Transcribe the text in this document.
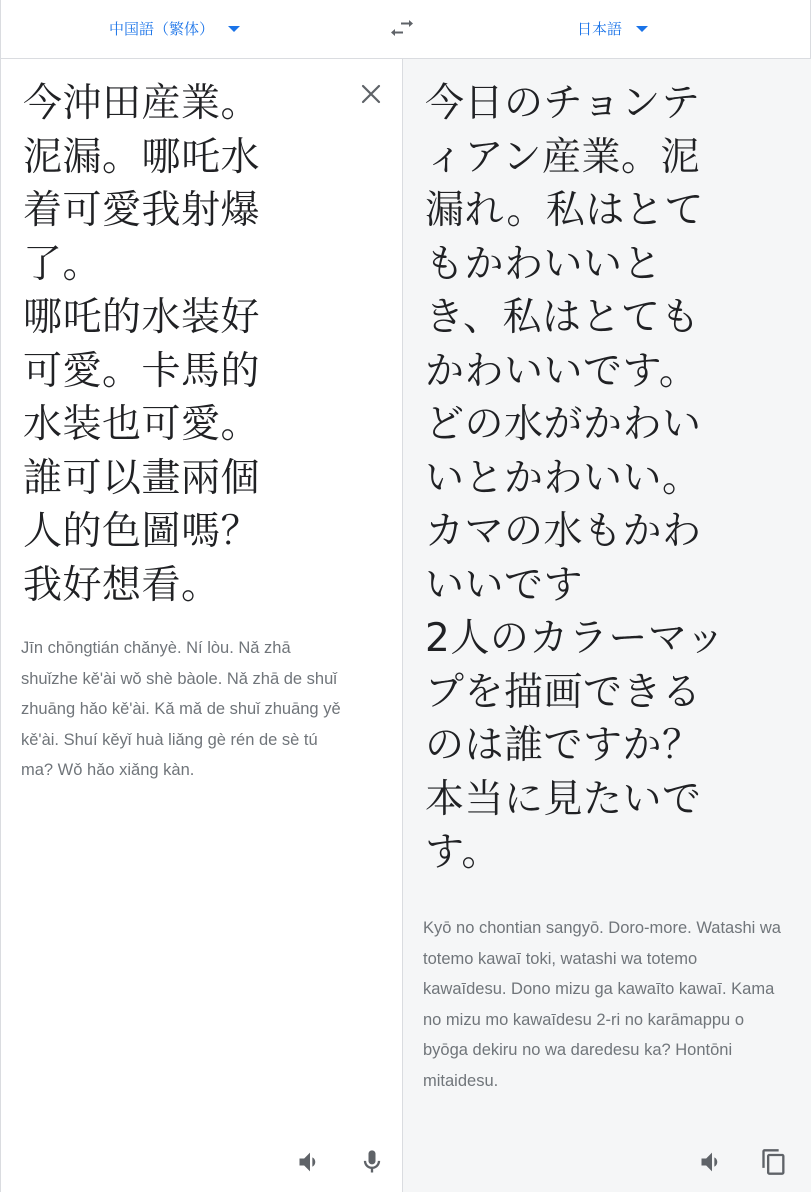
中国語（繁体）	日本語

今沖田産業。
泥漏。哪吒水
着可愛我射爆
了。
哪吒的水装好
可愛。卡馬的
水装也可愛。
誰可以畫兩個
人的色圖嗎？
我好想看。

Jīn chōngtián chǎnyè. Ní lòu. Nǎ zhā shuǐzhe kě'ài wǒ shè bàole. Nǎ zhā de shuǐ zhuāng hǎo kě'ài. Kǎ mǎ de shuǐ zhuāng yě kě'ài. Shuí kěyǐ huà liǎng gè rén de sè tú ma? Wǒ hǎo xiǎng kàn.

今日のチョンテ
ィアン産業。泥
漏れ。私はとて
もかわいいと
き、私はとても
かわいいです。
どの水がかわい
いとかわいい。
カマの水もかわ
いいです
2人のカラーマッ
プを描画できる
のは誰ですか？
本当に見たいで
す。

Kyō no chontian sangyō. Doro-more. Watashi wa totemo kawaī toki, watashi wa totemo kawaīdesu. Dono mizu ga kawaīto kawaī. Kama no mizu mo kawaīdesu 2-ri no karāmappu o byōga dekiru no wa daredesu ka? Hontōni mitaidesu.
